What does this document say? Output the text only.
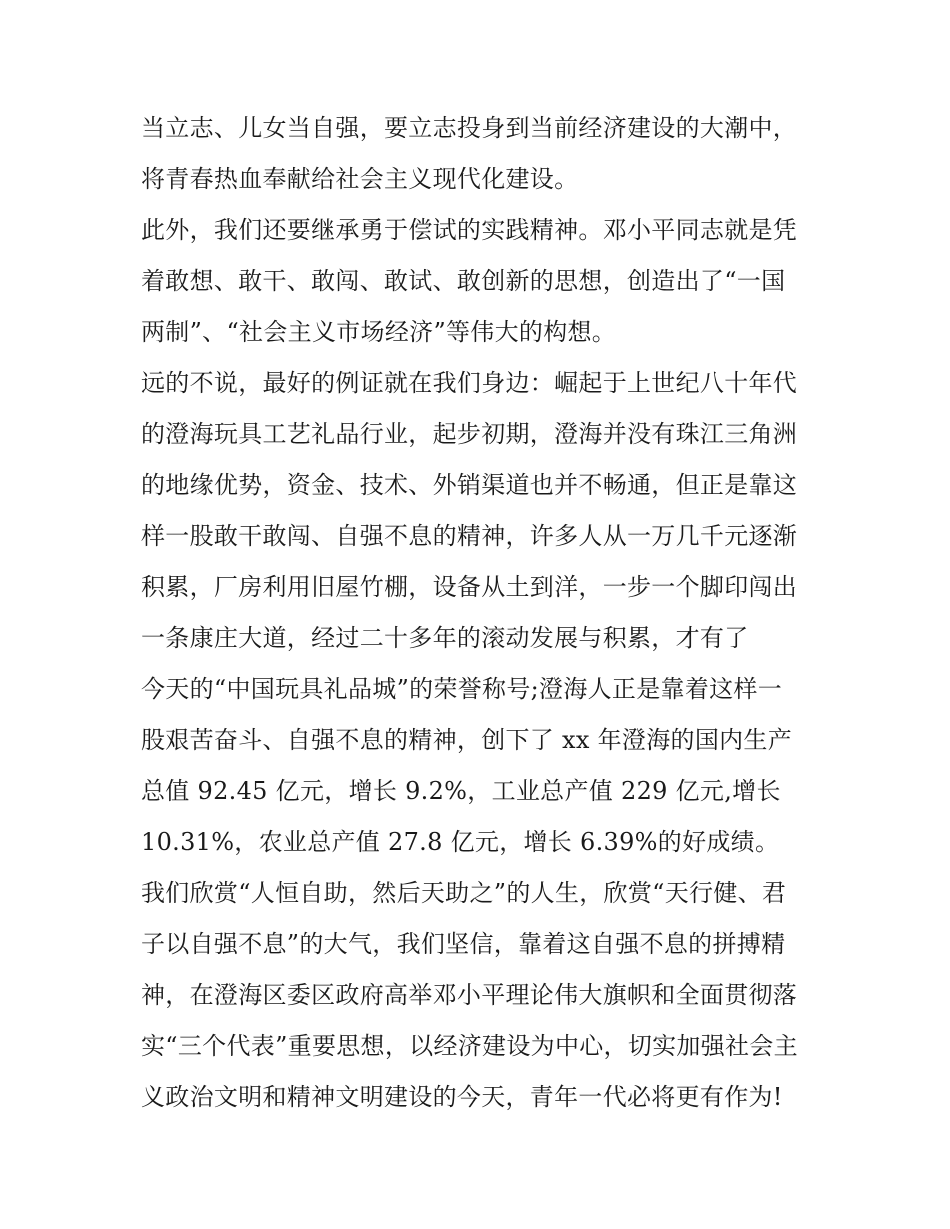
当立志、儿女当自强，要立志投身到当前经济建设的大潮中，
将青春热血奉献给社会主义现代化建设。
此外，我们还要继承勇于偿试的实践精神。邓小平同志就是凭
着敢想、敢干、敢闯、敢试、敢创新的思想，创造出了“一国
两制”、“社会主义市场经济”等伟大的构想。
远的不说，最好的例证就在我们身边：崛起于上世纪八十年代
的澄海玩具工艺礼品行业，起步初期，澄海并没有珠江三角洲
的地缘优势，资金、技术、外销渠道也并不畅通，但正是靠这
样一股敢干敢闯、自强不息的精神，许多人从一万几千元逐渐
积累，厂房利用旧屋竹棚，设备从土到洋，一步一个脚印闯出
一条康庄大道，经过二十多年的滚动发展与积累，才有了
今天的“中国玩具礼品城”的荣誉称号;澄海人正是靠着这样一
股艰苦奋斗、自强不息的精神，创下了 xx 年澄海的国内生产
总值 92.45 亿元，增长 9.2%，工业总产值 229 亿元,增长
10.31%，农业总产值 27.8 亿元，增长 6.39%的好成绩。
我们欣赏“人恒自助，然后天助之”的人生，欣赏“天行健、君
子以自强不息”的大气，我们坚信，靠着这自强不息的拼搏精
神，在澄海区委区政府高举邓小平理论伟大旗帜和全面贯彻落
实“三个代表”重要思想，以经济建设为中心，切实加强社会主
义政治文明和精神文明建设的今天，青年一代必将更有作为!
